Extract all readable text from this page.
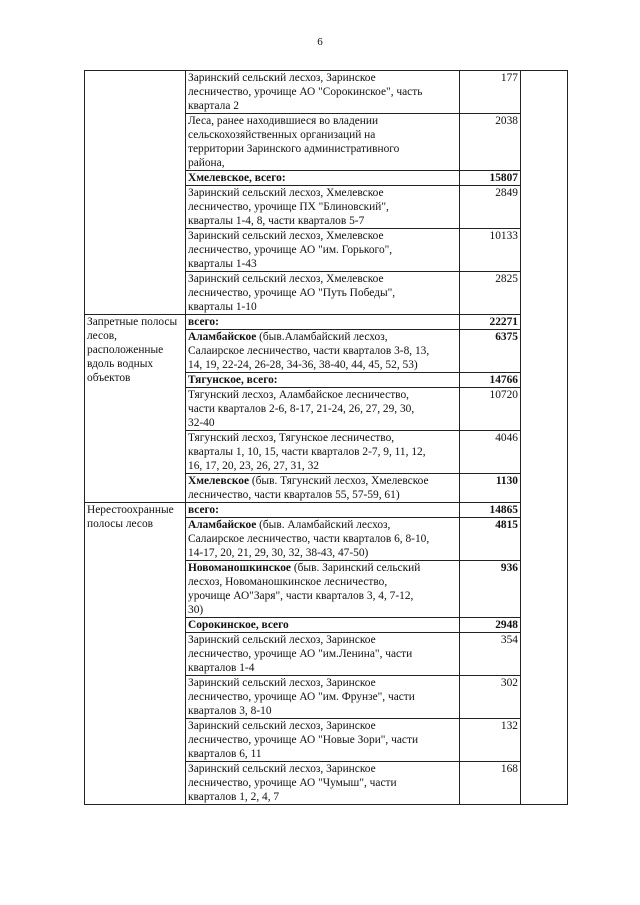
6
	Заринский сельский лесхоз, Заринское
лесничество, урочище АО "Сорокинское", часть
квартала 2	177	
	Леса, ранее находившиеся во владении
сельскохозяйственных организаций на
территории Заринского административного
района,	2038	
	Хмелевское, всего:	15807	
	Заринский сельский лесхоз, Хмелевское
лесничество, урочище ПХ "Блиновский",
кварталы 1-4, 8, части кварталов 5-7	2849	
	Заринский сельский лесхоз, Хмелевское
лесничество, урочище АО "им. Горького",
кварталы 1-43	10133	
	Заринский сельский лесхоз, Хмелевское
лесничество, урочище АО "Путь Победы",
кварталы 1-10	2825	
Запретные полосы
лесов,
расположенные
вдоль водных
объектов	всего:	22271	
	Аламбайское (быв.Аламбайский лесхоз,
Салаирское лесничество, части кварталов 3-8, 13,
14, 19, 22-24, 26-28, 34-36, 38-40, 44, 45, 52, 53)	6375	
	Тягунское, всего:	14766	
	Тягунский лесхоз, Аламбайское лесничество,
части кварталов 2-6, 8-17, 21-24, 26, 27, 29, 30,
32-40	10720	
	Тягунский лесхоз, Тягунское лесничество,
кварталы 1, 10, 15, части кварталов 2-7, 9, 11, 12,
16, 17, 20, 23, 26, 27, 31, 32	4046	
	Хмелевское (быв. Тягунский лесхоз, Хмелевское
лесничество, части кварталов 55, 57-59, 61)	1130	
Нерестоохранные
полосы лесов	всего:	14865	
	Аламбайское (быв. Аламбайский лесхоз,
Салаирское лесничество, части кварталов 6, 8-10,
14-17, 20, 21, 29, 30, 32, 38-43, 47-50)	4815	
	Новоманошкинское (быв. Заринский сельский
лесхоз, Новоманошкинское лесничество,
урочище АО"Заря", части кварталов 3, 4, 7-12,
30)	936	
	Сорокинское, всего	2948	
	Заринский сельский лесхоз, Заринское
лесничество, урочище АО "им.Ленина", части
кварталов 1-4	354	
	Заринский сельский лесхоз, Заринское
лесничество, урочище АО "им. Фрунзе", части
кварталов 3, 8-10	302	
	Заринский сельский лесхоз, Заринское
лесничество, урочище АО "Новые Зори", части
кварталов 6, 11	132	
	Заринский сельский лесхоз, Заринское
лесничество, урочище АО "Чумыш", части
кварталов 1, 2, 4, 7	168	
